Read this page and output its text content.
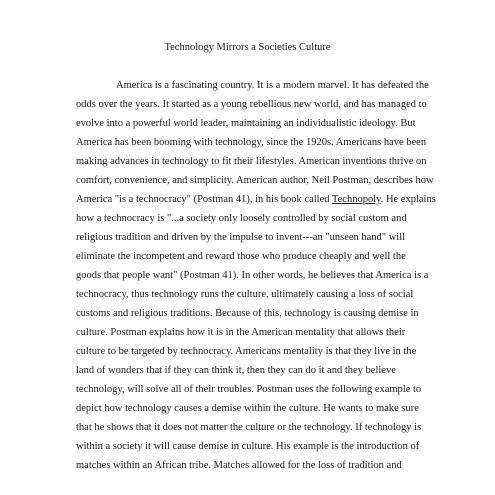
Technology Mirrors a Societies Culture
America is a fascinating country. It is a modern marvel. It has defeated the
odds over the years. It started as a young rebellious new world, and has managed to
evolve into a powerful world leader, maintaining an individualistic ideology. But
America has been booming with technology, since the 1920s. Americans have been
making advances in technology to fit their lifestyles. American inventions thrive on
comfort, convenience, and simplicity. American author, Neil Postman, describes how
America "is a technocracy" (Postman 41), in his book called Technopoly. He explains
how a technocracy is "...a society only loosely controlled by social custom and
religious tradition and driven by the impulse to invent---an "unseen hand" will
eliminate the incompetent and reward those who produce cheaply and well the
goods that people want" (Postman 41). In other words, he believes that America is a
technocracy, thus technology runs the culture, ultimately causing a loss of social
customs and religious traditions. Because of this, technology is causing demise in
culture. Postman explains how it is in the American mentality that allows their
culture to be targeted by technocracy. Americans mentality is that they live in the
land of wonders that if they can think it, then they can do it and they believe
technology, will solve all of their troubles. Postman uses the following example to
depict how technology causes a demise within the culture. He wants to make sure
that he shows that it does not matter the culture or the technology. If technology is
within a society it will cause demise in culture. His example is the introduction of
matches within an African tribe. Matches allowed for the loss of tradition and
